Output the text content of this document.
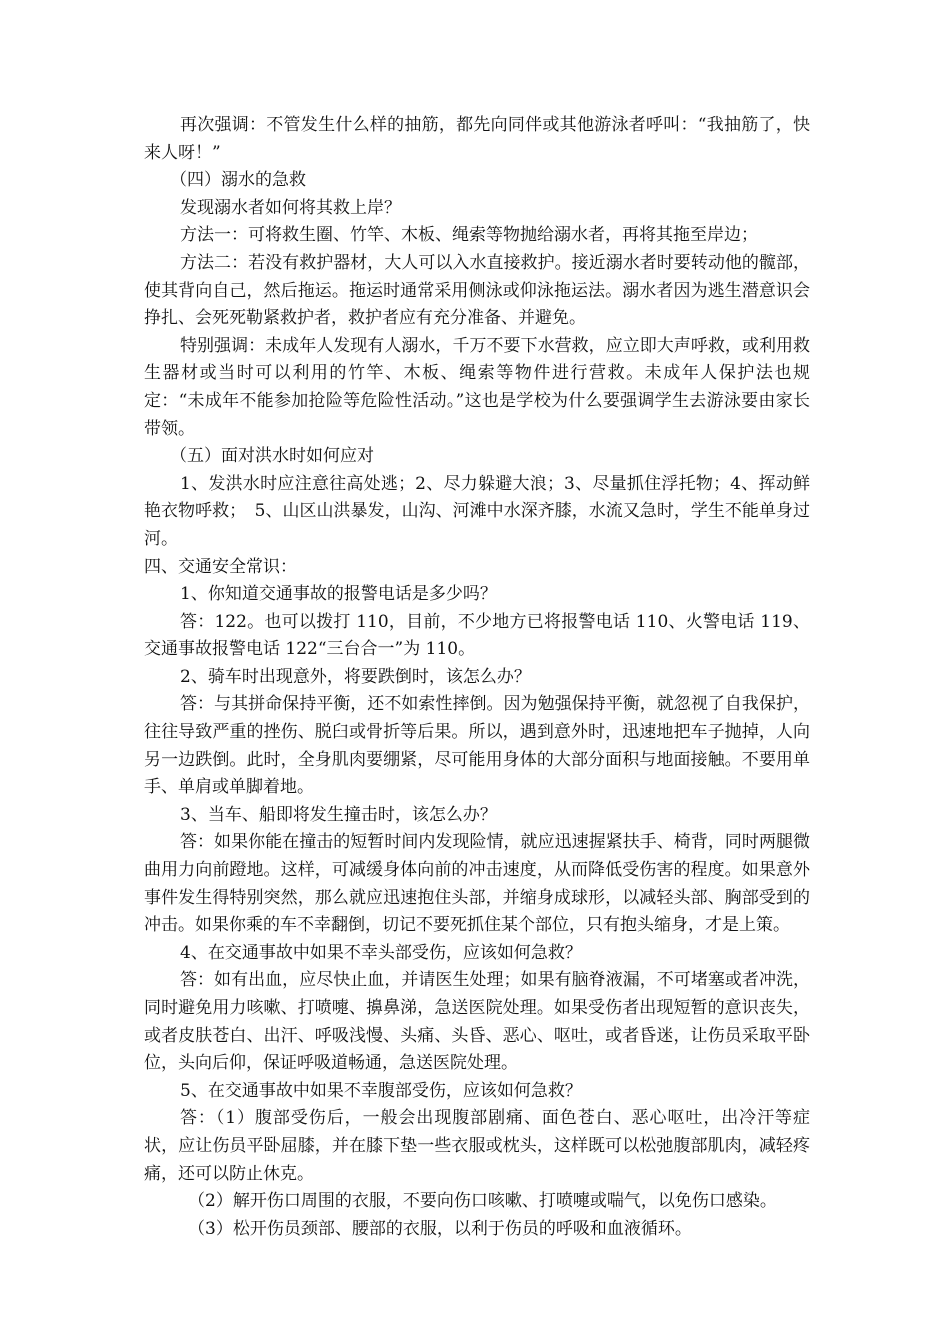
再次强调：不管发生什么样的抽筋，都先向同伴或其他游泳者呼叫：“我抽筋了，快来人呀！”

（四）溺水的急救

发现溺水者如何将其救上岸？

方法一：可将救生圈、竹竿、木板、绳索等物抛给溺水者，再将其拖至岸边；

方法二：若没有救护器材，大人可以入水直接救护。接近溺水者时要转动他的髋部，使其背向自己，然后拖运。拖运时通常采用侧泳或仰泳拖运法。溺水者因为逃生潜意识会挣扎、会死死勒紧救护者，救护者应有充分准备、并避免。

特别强调：未成年人发现有人溺水，千万不要下水营救，应立即大声呼救，或利用救生器材或当时可以利用的竹竿、木板、绳索等物件进行营救。未成年人保护法也规定：“未成年不能参加抢险等危险性活动。”这也是学校为什么要强调学生去游泳要由家长带领。

（五）面对洪水时如何应对

1、发洪水时应注意往高处逃；2、尽力躲避大浪；3、尽量抓住浮托物；4、挥动鲜艳衣物呼救；　5、山区山洪暴发，山沟、河滩中水深齐膝，水流又急时，学生不能单身过河。

四、交通安全常识：

1、你知道交通事故的报警电话是多少吗？

答：122。也可以拨打 110，目前，不少地方已将报警电话 110、火警电话 119、交通事故报警电话 122“三台合一”为 110。

2、骑车时出现意外，将要跌倒时，该怎么办？

答：与其拼命保持平衡，还不如索性摔倒。因为勉强保持平衡，就忽视了自我保护，往往导致严重的挫伤、脱臼或骨折等后果。所以，遇到意外时，迅速地把车子抛掉，人向另一边跌倒。此时，全身肌肉要绷紧，尽可能用身体的大部分面积与地面接触。不要用单手、单肩或单脚着地。

3、当车、船即将发生撞击时，该怎么办？

答：如果你能在撞击的短暂时间内发现险情，就应迅速握紧扶手、椅背，同时两腿微曲用力向前蹬地。这样，可减缓身体向前的冲击速度，从而降低受伤害的程度。如果意外事件发生得特别突然，那么就应迅速抱住头部，并缩身成球形，以减轻头部、胸部受到的冲击。如果你乘的车不幸翻倒，切记不要死抓住某个部位，只有抱头缩身，才是上策。

4、在交通事故中如果不幸头部受伤，应该如何急救？

答：如有出血，应尽快止血，并请医生处理；如果有脑脊液漏，不可堵塞或者冲洗，同时避免用力咳嗽、打喷嚏、擤鼻涕，急送医院处理。如果受伤者出现短暂的意识丧失，或者皮肤苍白、出汗、呼吸浅慢、头痛、头昏、恶心、呕吐，或者昏迷，让伤员采取平卧位，头向后仰，保证呼吸道畅通，急送医院处理。

5、在交通事故中如果不幸腹部受伤，应该如何急救？

答：（1）腹部受伤后，一般会出现腹部剧痛、面色苍白、恶心呕吐，出冷汗等症状，应让伤员平卧屈膝，并在膝下垫一些衣服或枕头，这样既可以松弛腹部肌肉，减轻疼痛，还可以防止休克。

（2）解开伤口周围的衣服，不要向伤口咳嗽、打喷嚏或喘气，以免伤口感染。

（3）松开伤员颈部、腰部的衣服，以利于伤员的呼吸和血液循环。
